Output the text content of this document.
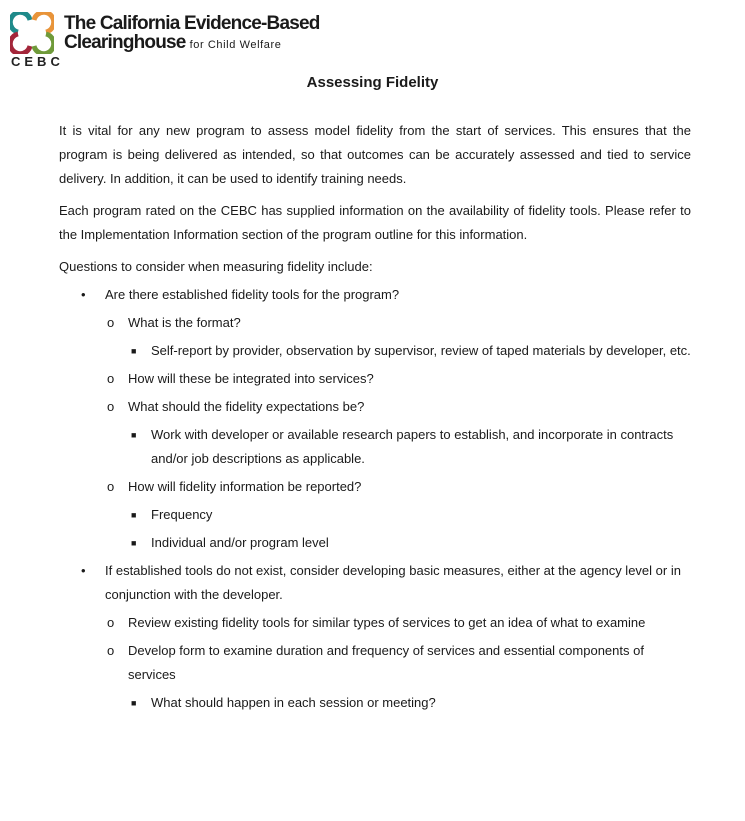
The California Evidence-Based
Clearinghouse for Child Welfare
CEBC
Assessing Fidelity

It is vital for any new program to assess model fidelity from the start of services. This ensures that the program is being delivered as intended, so that outcomes can be accurately assessed and tied to service delivery. In addition, it can be used to identify training needs.

Each program rated on the CEBC has supplied information on the availability of fidelity tools. Please refer to the Implementation Information section of the program outline for this information.

Questions to consider when measuring fidelity include:

• Are there established fidelity tools for the program?
o What is the format?
■ Self-report by provider, observation by supervisor, review of taped materials by developer, etc.
o How will these be integrated into services?
o What should the fidelity expectations be?
■ Work with developer or available research papers to establish, and incorporate in contracts and/or job descriptions as applicable.
o How will fidelity information be reported?
■ Frequency
■ Individual and/or program level
• If established tools do not exist, consider developing basic measures, either at the agency level or in conjunction with the developer.
o Review existing fidelity tools for similar types of services to get an idea of what to examine
o Develop form to examine duration and frequency of services and essential components of services
■ What should happen in each session or meeting?
